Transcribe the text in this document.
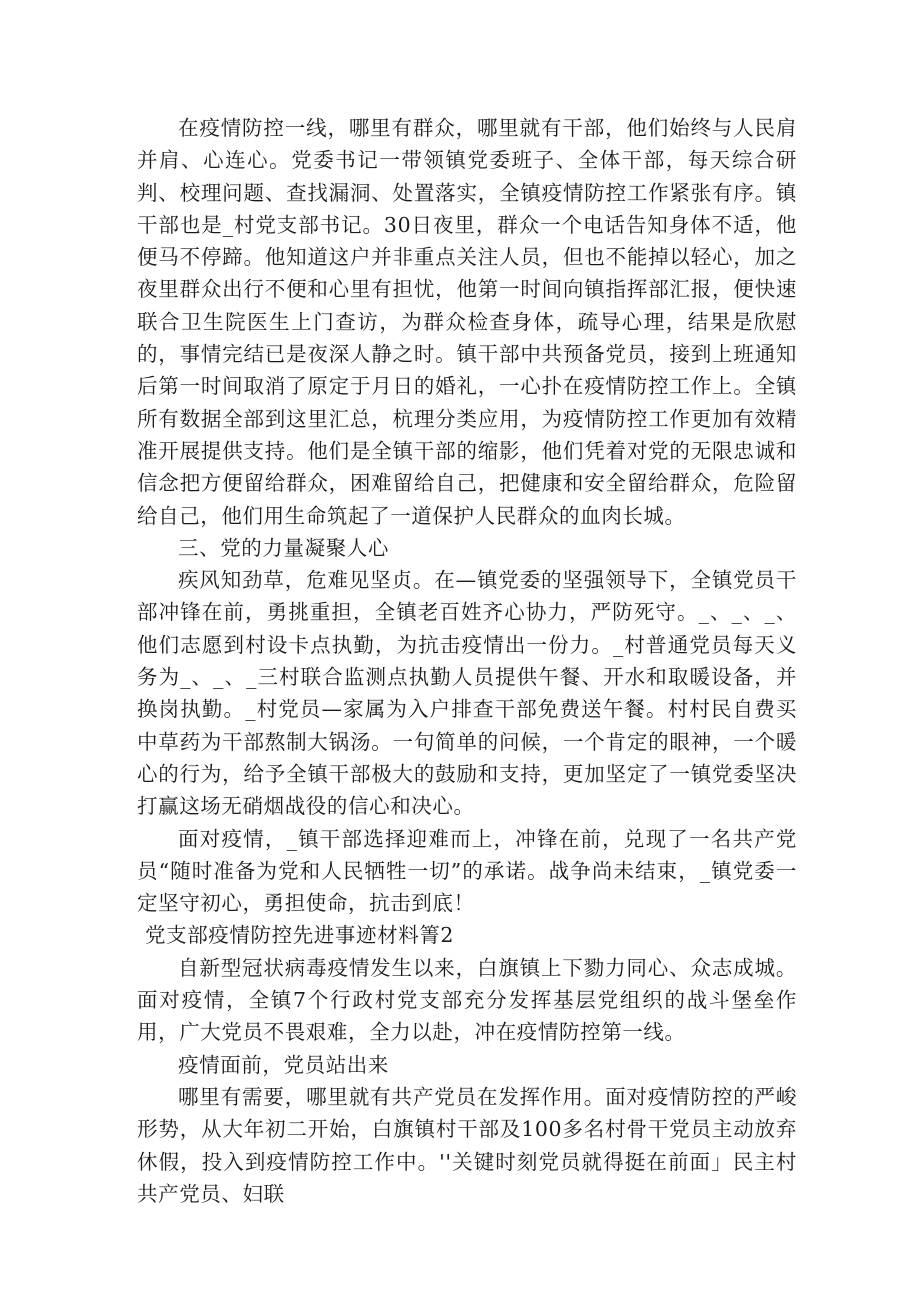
在疫情防控一线，哪里有群众，哪里就有干部，他们始终与人民肩并肩、心连心。党委书记一带领镇党委班子、全体干部，每天综合研判、校理问题、查找漏洞、处置落实，全镇疫情防控工作紧张有序。镇干部也是_村党支部书记。30日夜里，群众一个电话告知身体不适，他便马不停蹄。他知道这户并非重点关注人员，但也不能掉以轻心，加之夜里群众出行不便和心里有担忧，他第一时间向镇指挥部汇报，便快速联合卫生院医生上门查访，为群众检查身体，疏导心理，结果是欣慰的，事情完结已是夜深人静之时。镇干部中共预备党员，接到上班通知后第一时间取消了原定于月日的婚礼，一心扑在疫情防控工作上。全镇所有数据全部到这里汇总，杭理分类应用，为疫情防控工作更加有效精准开展提供支持。他们是全镇干部的缩影，他们凭着对党的无限忠诚和信念把方便留给群众，困难留给自己，把健康和安全留给群众，危险留给自己，他们用生命筑起了一道保护人民群众的血肉长城。

三、党的力量凝聚人心

疾风知劲草，危难见坚贞。在—镇党委的坚强领导下，全镇党员干部冲锋在前，勇挑重担，全镇老百姓齐心协力，严防死守。_、_、_、他们志愿到村设卡点执勤，为抗击疫情出一份力。_村普通党员每天义务为_、_、_三村联合监测点执勤人员提供午餐、开水和取暖设备，并换岗执勤。_村党员—家属为入户排查干部免费送午餐。村村民自费买中草药为干部熬制大锅汤。一句简单的问候，一个肯定的眼神，一个暖心的行为，给予全镇干部极大的鼓励和支持，更加坚定了一镇党委坚决打赢这场无硝烟战役的信心和决心。

面对疫情，_镇干部选择迎难而上，冲锋在前，兑现了一名共产党员“随时准备为党和人民牺牲一切”的承诺。战争尚未结束，_镇党委一定坚守初心，勇担使命，抗击到底！

党支部疫情防控先进事迹材料箐2

自新型冠状病毒疫情发生以来，白旗镇上下勠力同心、众志成城。面对疫情，全镇7个行政村党支部充分发挥基层党组织的战斗堡垒作用，广大党员不畏艰难，全力以赴，冲在疫情防控第一线。

疫情面前，党员站出来

哪里有需要，哪里就有共产党员在发挥作用。面对疫情防控的严峻形势，从大年初二开始，白旗镇村干部及100多名村骨干党员主动放弃休假，投入到疫情防控工作中。''关键时刻党员就得挺在前面」民主村共产党员、妇联
